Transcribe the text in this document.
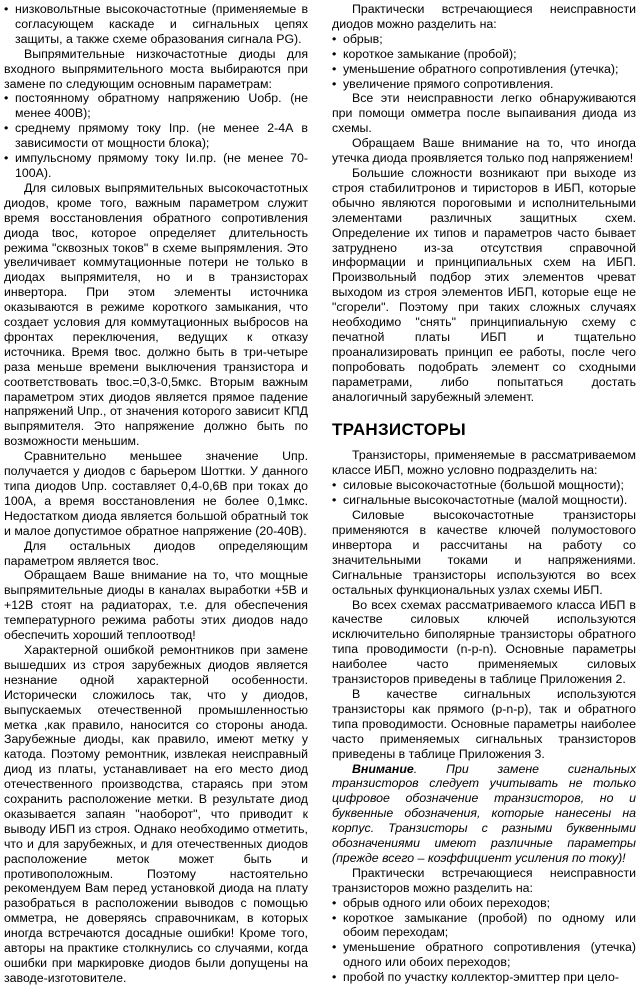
• низковольтные высокочастотные (применяемые в согласующем каскаде и сигнальных цепях защиты, а также схеме образования сигнала PG).

Выпрямительные низкочастотные диоды для входного выпрямительного моста выбираются при замене по следующим основным параметрам:

• постоянному обратному напряжению Uобр. (не менее 400В);
• среднему прямому току Iпр. (не менее 2-4А в зависимости от мощности блока);
• импульсному прямому току Iи.пр. (не менее 70-100А).

Для силовых выпрямительных высокочастотных диодов, кроме того, важным параметром служит время восстановления обратного сопротивления диода tвос, которое определяет длительность режима "сквозных токов" в схеме выпрямления. Это увеличивает коммутационные потери не только в диодах выпрямителя, но и в транзисторах инвертора. При этом элементы источника оказываются в режиме короткого замыкания, что создает условия для коммутационных выбросов на фронтах переключения, ведущих к отказу источника. Время tвос. должно быть в три-четыре раза меньше времени выключения транзистора и соответствовать tвос.=0,3-0,5мкс. Вторым важным параметром этих диодов является прямое падение напряжений Uпр., от значения которого зависит КПД выпрямителя. Это напряжение должно быть по возможности меньшим.

Сравнительно меньшее значение Uпр. получается у диодов с барьером Шоттки. У данного типа диодов Uпр. составляет 0,4-0,6В при токах до 100А, а время восстановления не более 0,1мкс. Недостатком диода является большой обратный ток и малое допустимое обратное напряжение (20-40В).

Для остальных диодов определяющим параметром является tвос.

Обращаем Ваше внимание на то, что мощные выпрямительные диоды в каналах выработки +5В и +12В стоят на радиаторах, т.е. для обеспечения температурного режима работы этих диодов надо обеспечить хороший теплоотвод!

Характерной ошибкой ремонтников при замене вышедших из строя зарубежных диодов является незнание одной характерной особенности. Исторически сложилось так, что у диодов, выпускаемых отечественной промышленностью метка ,как правило, наносится со стороны анода. Зарубежные диоды, как правило, имеют метку у катода. Поэтому ремонтник, извлекая неисправный диод из платы, устанавливает на его место диод отечественного производства, стараясь при этом сохранить расположение метки. В результате диод оказывается запаян "наоборот", что приводит к выводу ИБП из строя. Однако необходимо отметить, что и для зарубежных, и для отечественных диодов расположение меток может быть и противоположным. Поэтому настоятельно рекомендуем Вам перед установкой диода на плату разобраться в расположении выводов с помощью омметра, не доверяясь справочникам, в которых иногда встречаются досадные ошибки! Кроме того, авторы на практике столкнулись со случаями, когда ошибки при маркировке диодов были допущены на заводе-изготовителе.

Практически встречающиеся неисправности диодов можно разделить на:

• обрыв;
• короткое замыкание (пробой);
• уменьшение обратного сопротивления (утечка);
• увеличение прямого сопротивления.

Все эти неисправности легко обнаруживаются при помощи омметра после выпаивания диода из схемы.

Обращаем Ваше внимание на то, что иногда утечка диода проявляется только под напряжением!

Большие сложности возникают при выходе из строя стабилитронов и тиристоров в ИБП, которые обычно являются пороговыми и исполнительными элементами различных защитных схем. Определение их типов и параметров часто бывает затруднено из-за отсутствия справочной информации и принципиальных схем на ИБП. Произвольный подбор этих элементов чреват выходом из строя элементов ИБП, которые еще не "сгорели". Поэтому при таких сложных случаях необходимо "снять" принципиальную схему с печатной платы ИБП и тщательно проанализировать принцип ее работы, после чего попробовать подобрать элемент со сходными параметрами, либо попытаться достать аналогичный зарубежный элемент.

ТРАНЗИСТОРЫ

Транзисторы, применяемые в рассматриваемом классе ИБП, можно условно подразделить на:

• силовые высокочастотные (большой мощности);
• сигнальные высокочастотные (малой мощности).

Силовые высокочастотные транзисторы применяются в качестве ключей полумостового инвертора и рассчитаны на работу со значительными токами и напряжениями. Сигнальные транзисторы используются во всех остальных функциональных узлах схемы ИБП.

Во всех схемах рассматриваемого класса ИБП в качестве силовых ключей используются исключительно биполярные транзисторы обратного типа проводимости (n-p-n). Основные параметры наиболее часто применяемых силовых транзисторов приведены в таблице Приложения 2.

В качестве сигнальных используются транзисторы как прямого (p-n-p), так и обратного типа проводимости. Основные параметры наиболее часто применяемых сигнальных транзисторов приведены в таблице Приложения 3.

Внимание. При замене сигнальных транзисторов следует учитывать не только цифровое обозначение транзисторов, но и буквенные обозначения, которые нанесены на корпус. Транзисторы с разными буквенными обозначениями имеют различные параметры (прежде всего – коэффициент усиления по току)!

Практически встречающиеся неисправности транзисторов можно разделить на:

• обрыв одного или обоих переходов;
• короткое замыкание (пробой) по одному или обоим переходам;
• уменьшение обратного сопротивления (утечка) одного или обоих переходов;
• пробой по участку коллектор-эмиттер при цело-
